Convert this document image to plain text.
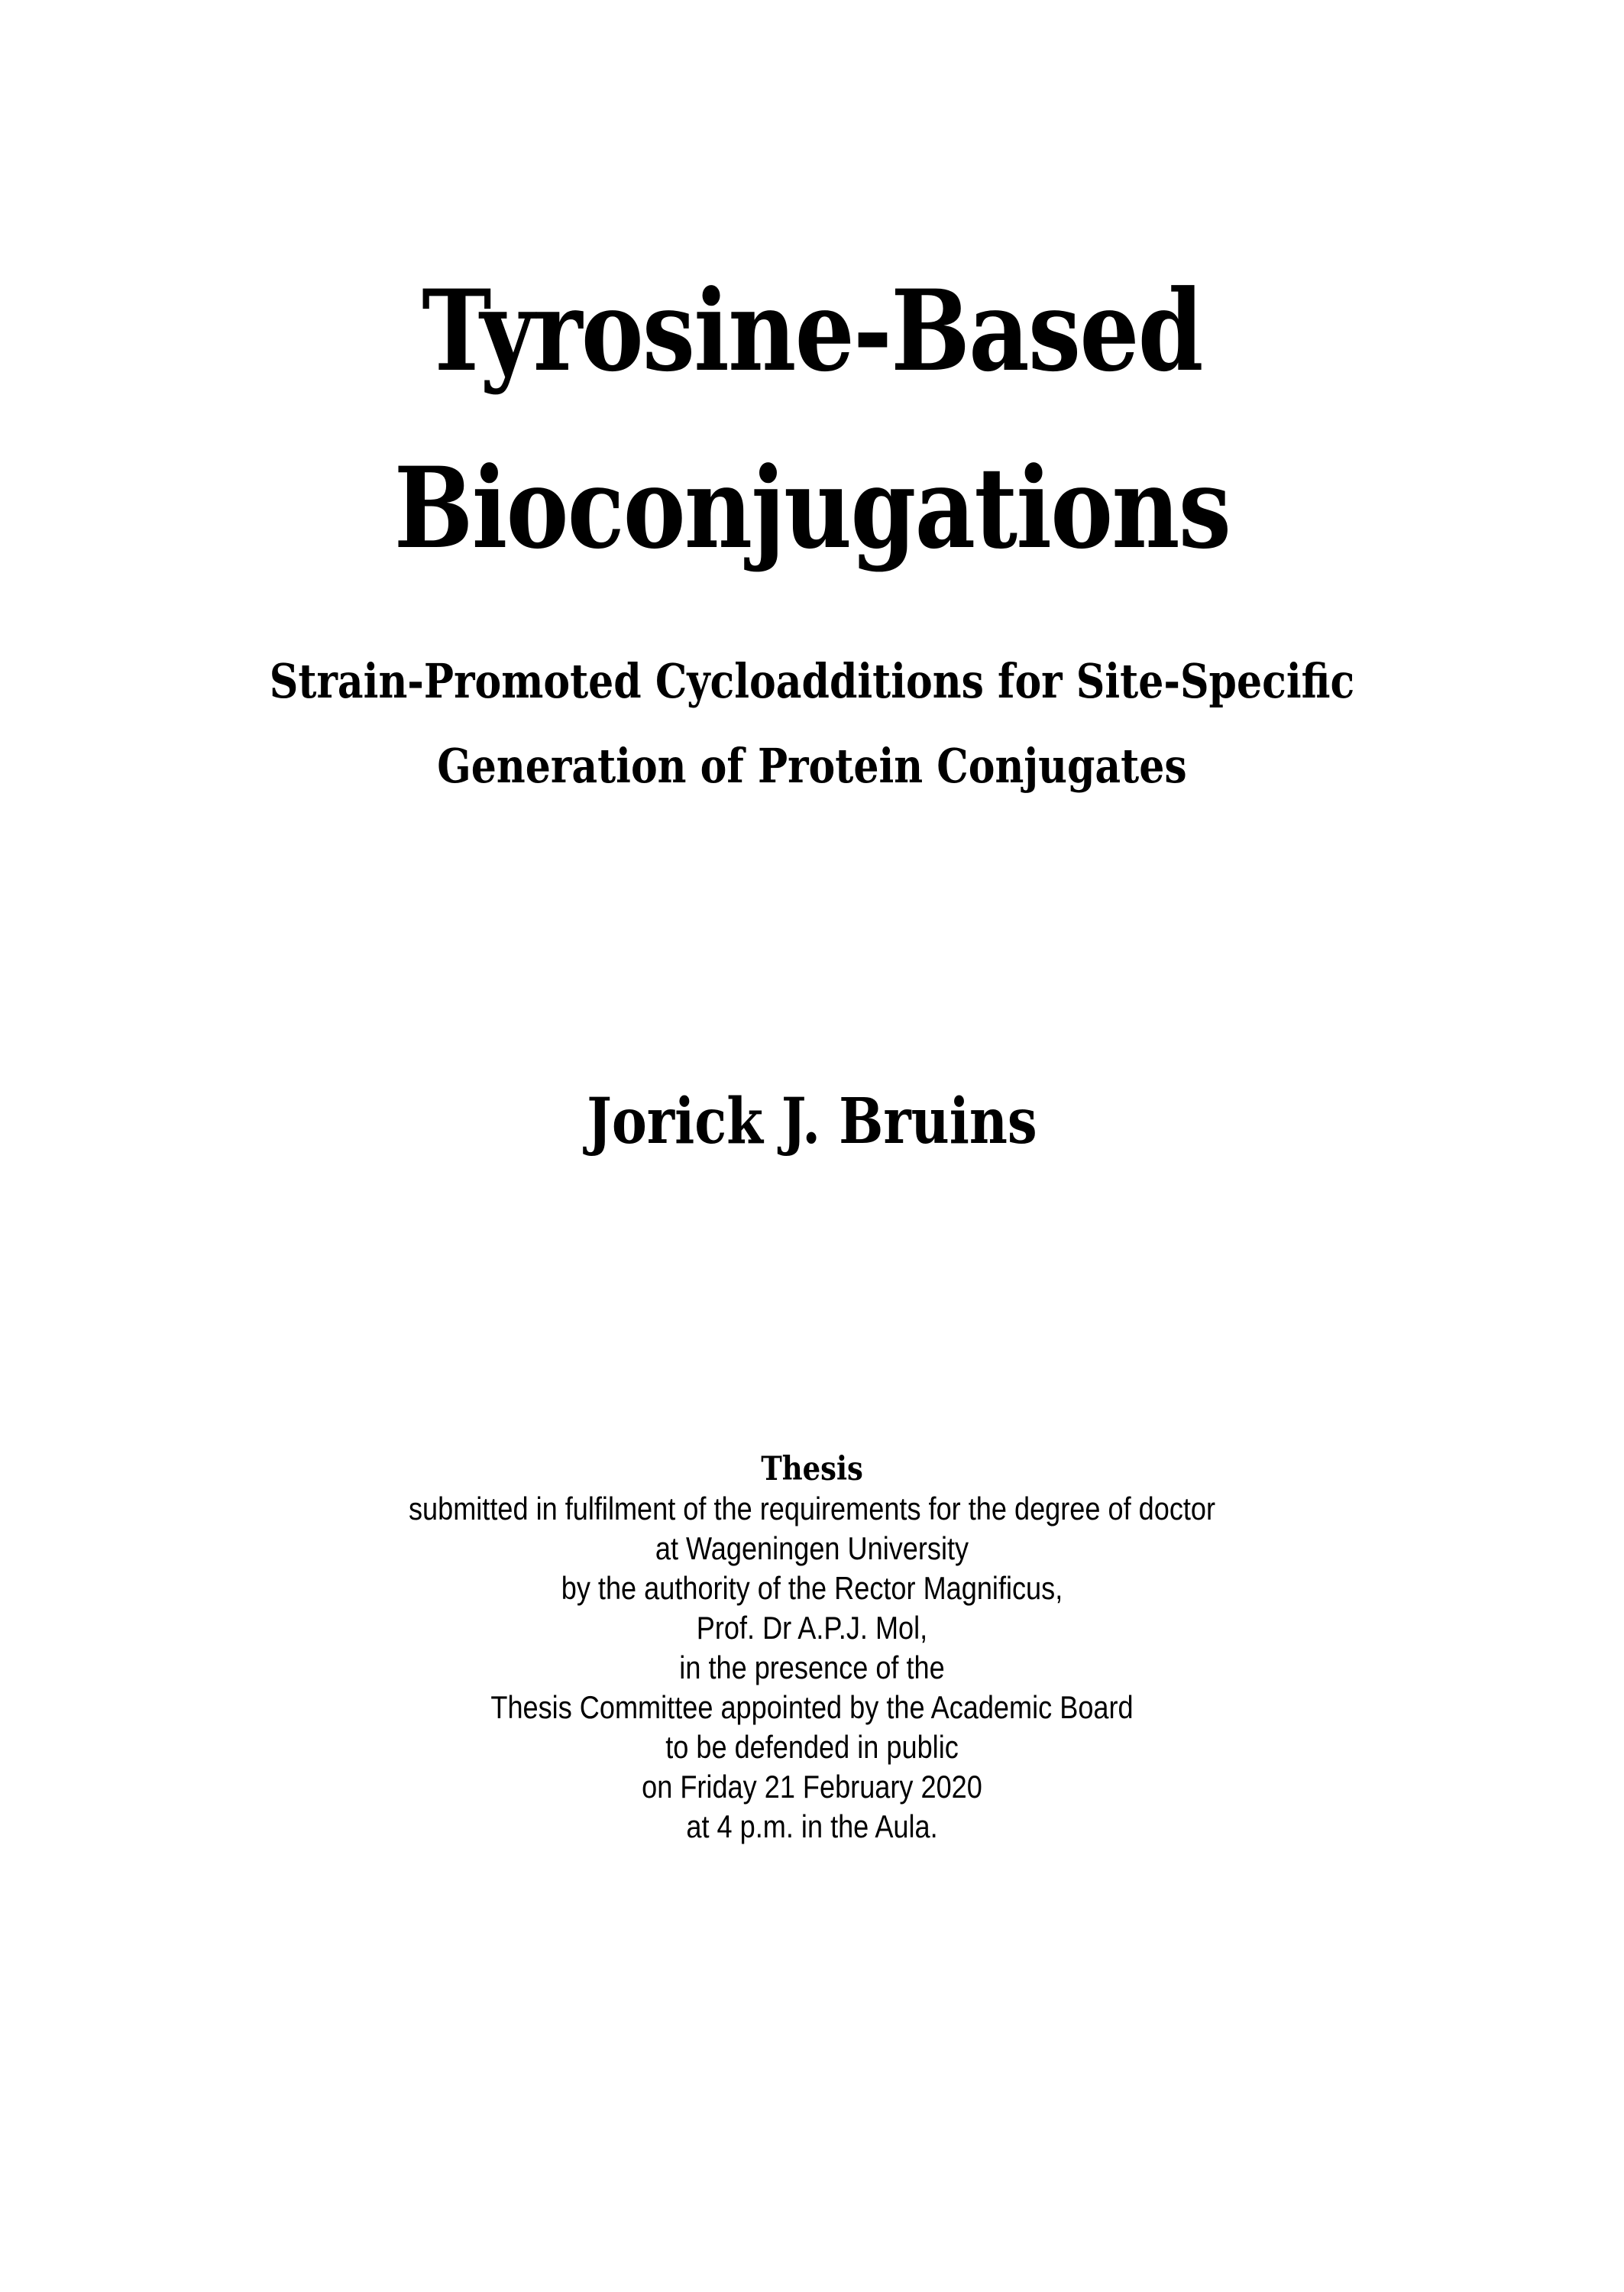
Tyrosine-Based
Bioconjugations
Strain-Promoted Cycloadditions for Site-Specific
Generation of Protein Conjugates
Jorick J. Bruins
Thesis
submitted in fulfilment of the requirements for the degree of doctor
at Wageningen University
by the authority of the Rector Magnificus,
Prof. Dr A.P.J. Mol,
in the presence of the
Thesis Committee appointed by the Academic Board
to be defended in public
on Friday 21 February 2020
at 4 p.m. in the Aula.
